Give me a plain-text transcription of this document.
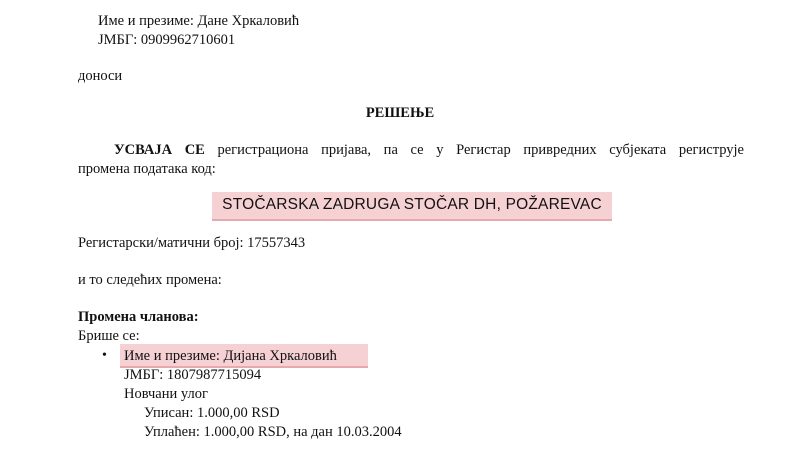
Име и презиме: Дане Хркаловић
ЈМБГ: 0909962710601
доноси
РЕШЕЊЕ
УСВАЈА СЕ регистрациона пријава, па се у Регистар привредних субјеката региструје
промена података код:
STOČARSKA ZADRUGA STOČAR DH, POŽAREVAC
Регистарски/матични број: 17557343
и то следећих промена:
Промена чланова:
Брише се:
• Име и презиме: Дијана Хркаловић
ЈМБГ: 1807987715094
Новчани улог
Уписан: 1.000,00 RSD
Уплаћен: 1.000,00 RSD, на дан 10.03.2004
